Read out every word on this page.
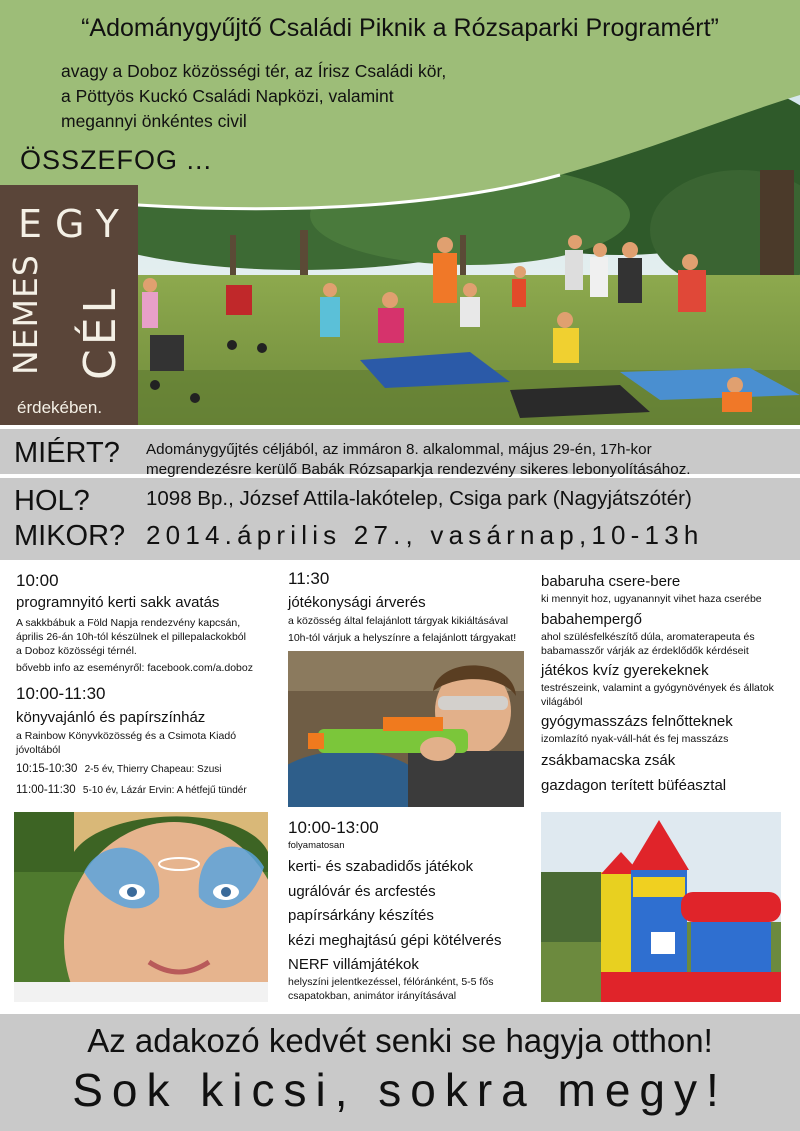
“Adománygyűjtő Családi Piknik a Rózsaparki Programért”
avagy a Doboz közösségi tér, az Írisz Családi kör,
a Pöttyös Kuckó Családi Napközi, valamint
megannyi önkéntes civil
ÖSSZEFOG ...
EGY
NEMES CÉL
érdekében.
MIÉRT? Adománygyűjtés céljából, az immáron 8. alkalommal, május 29-én, 17h-kor
megrendezésre kerülő Babák Rózsaparkja rendezvény sikeres lebonyolításához.
HOL?
MIKOR?
1098 Bp., József Attila-lakótelep, Csiga park (Nagyjátszótér)
2014.április 27., vasárnap,10-13h
10:00
programnyitó kerti sakk avatás
A sakkbábuk a Föld Napja rendezvény kapcsán,
április 26-án 10h-tól készülnek el pillepalackokból
a Doboz közösségi térnél.
bővebb info az eseményről: facebook.com/a.doboz
10:00-11:30
könyvajánló és papírszínház
a Rainbow Könyvközösség és a Csimota Kiadó
jóvoltából
10:15-10:30 2-5 év, Thierry Chapeau: Szusi
11:00-11:30 5-10 év, Lázár Ervin: A hétfejű tündér
11:30
jótékonysági árverés
a közösség által felajánlott tárgyak kikiáltásával
10h-tól várjuk a helyszínre a felajánlott tárgyakat!
10:00-13:00
folyamatosan
kerti- és szabadidős játékok
ugrálóvár és arcfestés
papírsárkány készítés
kézi meghajtású gépi kötélverés
NERF villámjátékok
helyszíni jelentkezéssel, félóránként, 5-5 fős
csapatokban, animátor irányításával
babaruha csere-bere
ki mennyit hoz, ugyanannyit vihet haza cserébe
babahempergő
ahol szülésfelkészítő dúla, aromaterapeuta és
babamasszőr várják az érdeklődők kérdéseit
játékos kvíz gyerekeknek
testrészeink, valamint a gyógynövények és állatok
világából
gyógymasszázs felnőtteknek
izomlazító nyak-váll-hát és fej masszázs
zsákbamacska zsák
gazdagon terített büféasztal
Az adakozó kedvét senki se hagyja otthon!
Sok kicsi, sokra megy!
